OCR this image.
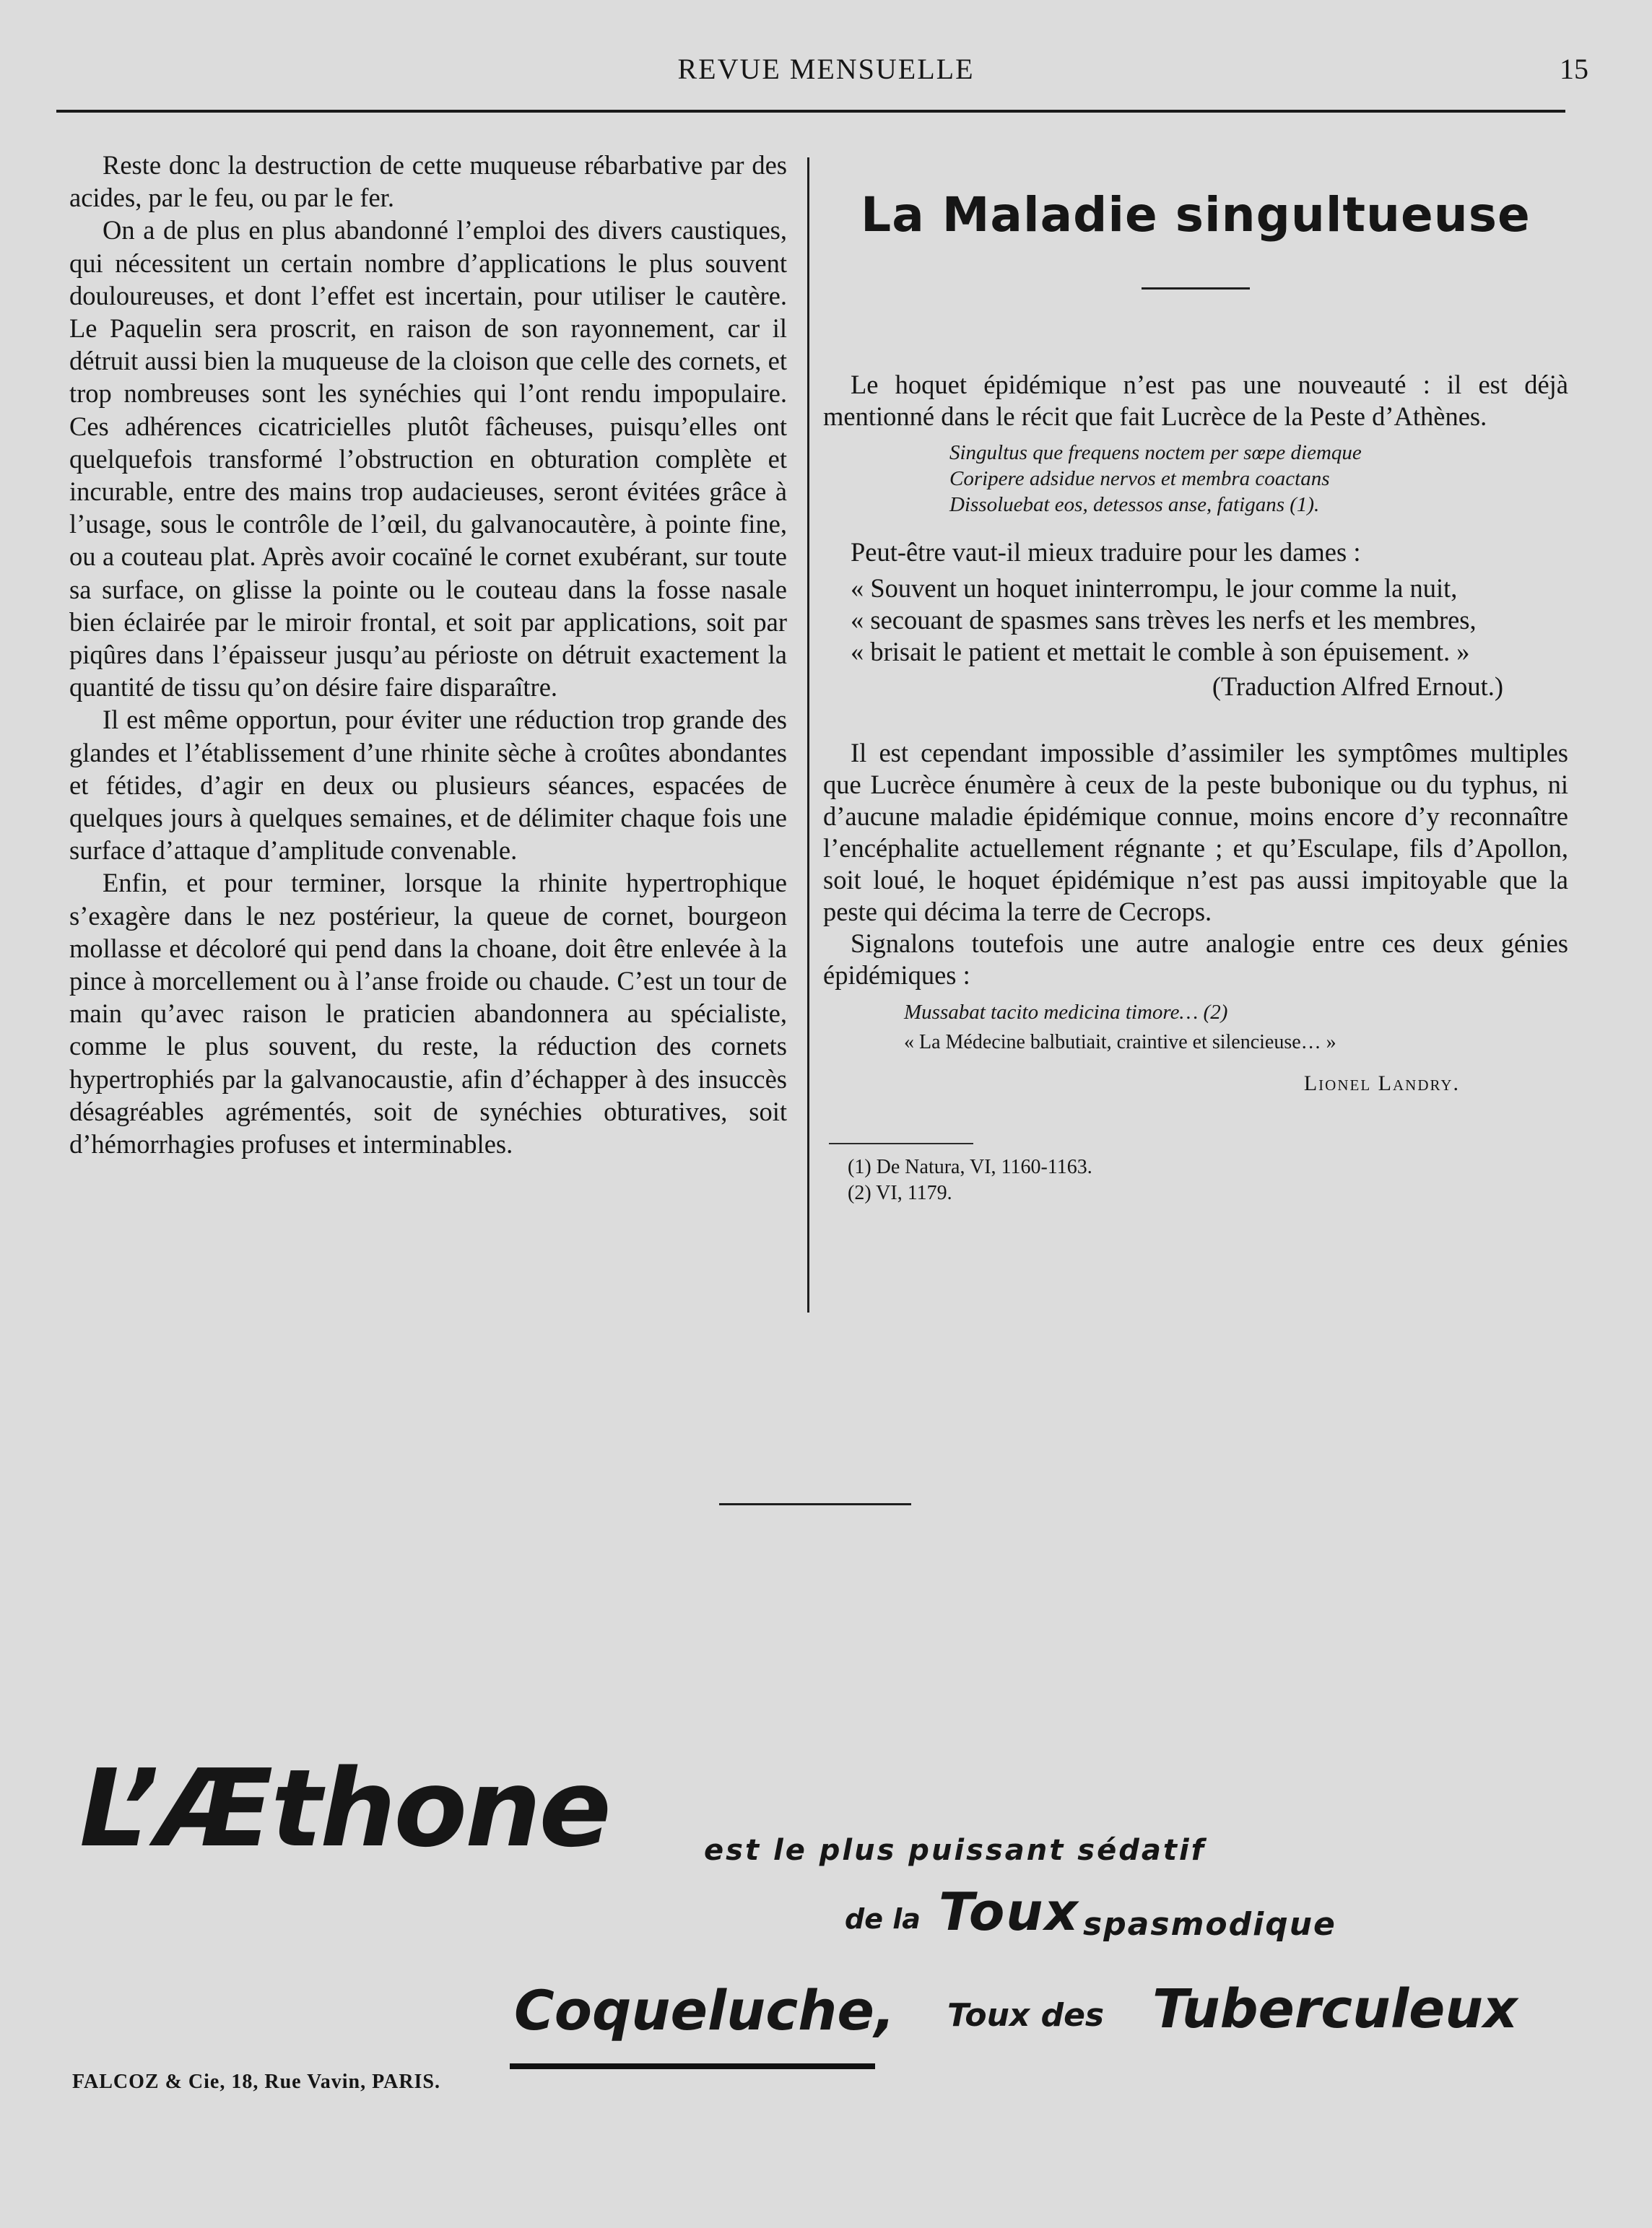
REVUE MENSUELLE	15

Reste donc la destruction de cette muqueuse rébarbative par des acides, par le feu, ou par le fer.

On a de plus en plus abandonné l’emploi des divers caustiques, qui nécessitent un certain nombre d’applications le plus souvent douloureuses, et dont l’effet est incertain, pour utiliser le cautère. Le Paquelin sera proscrit, en raison de son rayonnement, car il détruit aussi bien la muqueuse de la cloison que celle des cornets, et trop nombreuses sont les synéchies qui l’ont rendu impopulaire. Ces adhérences cicatricielles plutôt fâcheuses, puisqu’elles ont quelquefois transformé l’obstruction en obturation complète et incurable, entre des mains trop audacieuses, seront évitées grâce à l’usage, sous le contrôle de l’œil, du galvanocautère, à pointe fine, ou a couteau plat. Après avoir cocaïné le cornet exubérant, sur toute sa surface, on glisse la pointe ou le couteau dans la fosse nasale bien éclairée par le miroir frontal, et soit par applications, soit par piqûres dans l’épaisseur jusqu’au périoste on détruit exactement la quantité de tissu qu’on désire faire disparaître.

Il est même opportun, pour éviter une réduction trop grande des glandes et l’établissement d’une rhinite sèche à croûtes abondantes et fétides, d’agir en deux ou plusieurs séances, espacées de quelques jours à quelques semaines, et de délimiter chaque fois une surface d’attaque d’amplitude convenable.

Enfin, et pour terminer, lorsque la rhinite hypertrophique s’exagère dans le nez postérieur, la queue de cornet, bourgeon mollasse et décoloré qui pend dans la choane, doit être enlevée à la pince à morcellement ou à l’anse froide ou chaude. C’est un tour de main qu’avec raison le praticien abandonnera au spécialiste, comme le plus souvent, du reste, la réduction des cornets hypertrophiés par la galvanocaustie, afin d’échapper à des insuccès désagréables agrémentés, soit de synéchies obturatives, soit d’hémorrhagies profuses et interminables.

La Maladie singultueuse

Le hoquet épidémique n’est pas une nouveauté : il est déjà mentionné dans le récit que fait Lucrèce de la Peste d’Athènes.

Singultus que frequens noctem per sœpe diemque
Coripere adsidue nervos et membra coactans
Dissoluebat eos, detessos anse, fatigans (1).

Peut-être vaut-il mieux traduire pour les dames :

« Souvent un hoquet ininterrompu, le jour comme la nuit,
« secouant de spasmes sans trèves les nerfs et les membres,
« brisait le patient et mettait le comble à son épuisement. »
(Traduction Alfred Ernout.)

Il est cependant impossible d’assimiler les symptômes multiples que Lucrèce énumère à ceux de la peste bubonique ou du typhus, ni d’aucune maladie épidémique connue, moins encore d’y reconnaître l’encéphalite actuellement régnante ; et qu’Esculape, fils d’Apollon, soit loué, le hoquet épidémique n’est pas aussi impitoyable que la peste qui décima la terre de Cecrops.

Signalons toutefois une autre analogie entre ces deux génies épidémiques :

Mussabat tacito medicina timore… (2)
« La Médecine balbutiait, craintive et silencieuse… »
Lionel Landry.
(1) De Natura, VI, 1160-1163.
(2) VI, 1179.
L’Æthone	est le plus puissant sédatif
de la Toux spasmodique
Coqueluche, Toux des Tuberculeux
FALCOZ & Cie, 18, Rue Vavin, PARIS.
